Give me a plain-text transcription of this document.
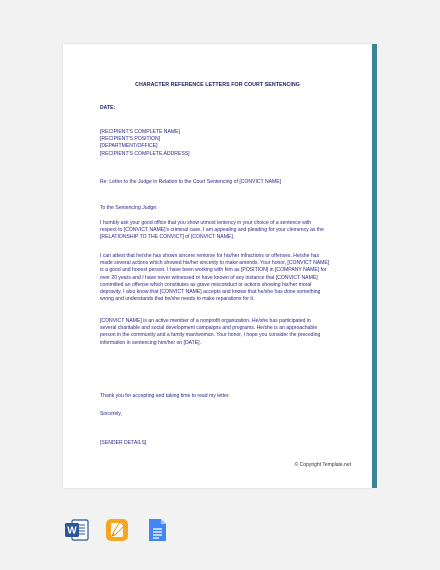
CHARACTER REFERENCE LETTERS FOR COURT SENTENCING
DATE:
[RECIPIENT'S COMPLETE NAME]
[RECIPIENT'S POSITION]
[DEPARTMENT/OFFICE]
[RECIPIENT'S COMPLETE ADDRESS]
Re: Letter to the Judge in Relation to the Court Sentencing of [CONVICT NAME]
To the Sentencing Judge:
I humbly ask your good office that you show utmost leniency in your choice of a sentence with
respect to [CONVICT NAME]'s criminal case. I am appealing and pleading for your clemency as the
[RELATIONSHIP TO THE CONVICT] of [CONVICT NAME].
I can attest that he/she has shown sincere remorse for his/her infractions or offenses. He/she has
made several actions which showed his/her sincerity to make amends. Your honor, [CONVICT NAME]
is a good and honest person. I have been working with him as [POSITION] in [COMPANY NAME] for
over 20 years and I have never witnessed or have known of any instance that [CONVICT NAME]
committed an offense which constitutes as grave misconduct or actions showing his/her moral
depravity. I also know that [CONVICT NAME] accepts and knows that he/she has done something
wrong and understands that he/she needs to make reparations for it.
[CONVICT NAME] is an active member of a nonprofit organization. He/she has participated in
several charitable and social development campaigns and programs. He/she is an approachable
person in the community and a family man/woman. Your honor, I hope you consider the preceding
information in sentencing him/her on [DATE].
Thank you for accepting and taking time to read my letter.
Sincerely,
[SENDER DETAILS]
© Copyright Template.net
W
